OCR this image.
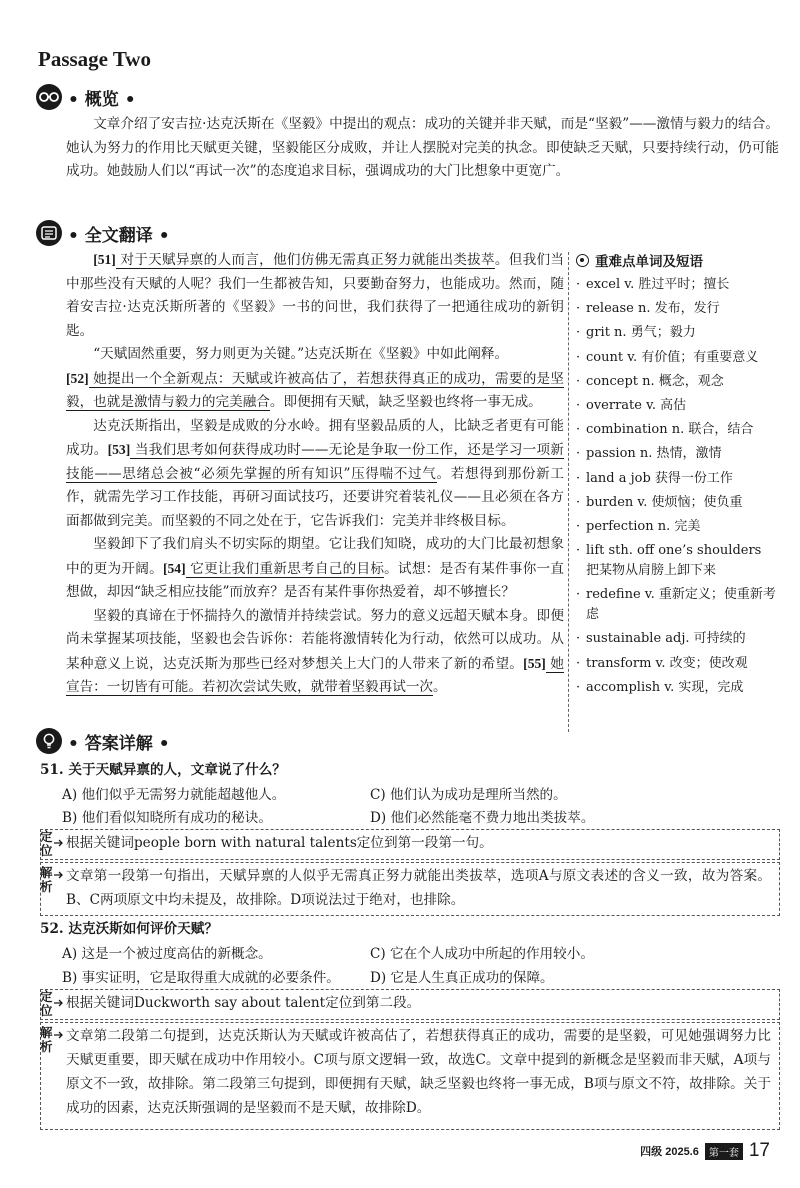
Passage Two
• 概览 •
文章介绍了安吉拉·达克沃斯在《坚毅》中提出的观点：成功的关键并非天赋，而是“坚毅”——激情与毅力的结合。她认为努力的作用比天赋更关键，坚毅能区分成败，并让人摆脱对完美的执念。即使缺乏天赋，只要持续行动，仍可能成功。她鼓励人们以“再试一次”的态度追求目标，强调成功的大门比想象中更宽广。
• 全文翻译 •

[51] 对于天赋异禀的人而言，他们仿佛无需真正努力就能出类拔萃。但我们当中那些没有天赋的人呢？我们一生都被告知，只要勤奋努力，也能成功。然而，随着安吉拉·达克沃斯所著的《坚毅》一书的问世，我们获得了一把通往成功的新钥匙。

“天赋固然重要，努力则更为关键。”达克沃斯在《坚毅》中如此阐释。

[52] 她提出一个全新观点：天赋或许被高估了，若想获得真正的成功，需要的是坚毅，也就是激情与毅力的完美融合。即便拥有天赋，缺乏坚毅也终将一事无成。

达克沃斯指出，坚毅是成败的分水岭。拥有坚毅品质的人，比缺乏者更有可能成功。[53] 当我们思考如何获得成功时——无论是争取一份工作，还是学习一项新技能——思绪总会被“必须先掌握的所有知识”压得喘不过气。若想得到那份新工作，就需先学习工作技能，再研习面试技巧，还要讲究着装礼仪——且必须在各方面都做到完美。而坚毅的不同之处在于，它告诉我们：完美并非终极目标。

坚毅卸下了我们肩头不切实际的期望。它让我们知晓，成功的大门比最初想象中的更为开阔。[54] 它更让我们重新思考自己的目标。试想：是否有某件事你一直想做，却因“缺乏相应技能”而放弃？是否有某件事你热爱着，却不够擅长？

坚毅的真谛在于怀揣持久的激情并持续尝试。努力的意义远超天赋本身。即便尚未掌握某项技能，坚毅也会告诉你：若能将激情转化为行动，依然可以成功。从某种意义上说，达克沃斯为那些已经对梦想关上大门的人带来了新的希望。[55] 她宣告：一切皆有可能。若初次尝试失败，就带着坚毅再试一次。

重难点单词及短语
· excel v. 胜过平时；擅长
· release n. 发布，发行
· grit n. 勇气；毅力
· count v. 有价值；有重要意义
· concept n. 概念，观念
· overrate v. 高估
· combination n. 联合，结合
· passion n. 热情，激情
· land a job 获得一份工作
· burden v. 使烦恼；使负重
· perfection n. 完美
· lift sth. off one’s shoulders 把某物从肩膀上卸下来
· redefine v. 重新定义；使重新考虑
· sustainable adj. 可持续的
· transform v. 改变；使改观
· accomplish v. 实现，完成
• 答案详解 •
51. 关于天赋异禀的人，文章说了什么？
A) 他们似乎无需努力就能超越他人。	C) 他们认为成功是理所当然的。
B) 他们看似知晓所有成功的秘诀。	D) 他们必然能毫不费力地出类拔萃。
定位 根据关键词people born with natural talents定位到第一段第一句。
解析
文章第一段第一句指出，天赋异禀的人似乎无需真正努力就能出类拔萃，选项A与原文表述的含义一致，故为答案。B、C两项原文中均未提及，故排除。D项说法过于绝对，也排除。
52. 达克沃斯如何评价天赋？
A) 这是一个被过度高估的新概念。	C) 它在个人成功中所起的作用较小。
B) 事实证明，它是取得重大成就的必要条件。 D) 它是人生真正成功的保障。
定位 根据关键词Duckworth say about talent定位到第二段。
解析
文章第二段第二句提到，达克沃斯认为天赋或许被高估了，若想获得真正的成功，需要的是坚毅，可见她强调努力比天赋更重要，即天赋在成功中作用较小。C项与原文逻辑一致，故选C。文章中提到的新概念是坚毅而非天赋，A项与原文不一致，故排除。第二段第三句提到，即便拥有天赋，缺乏坚毅也终将一事无成，B项与原文不符，故排除。关于成功的因素，达克沃斯强调的是坚毅而不是天赋，故排除D。
四级 2025.6	第一套 17
